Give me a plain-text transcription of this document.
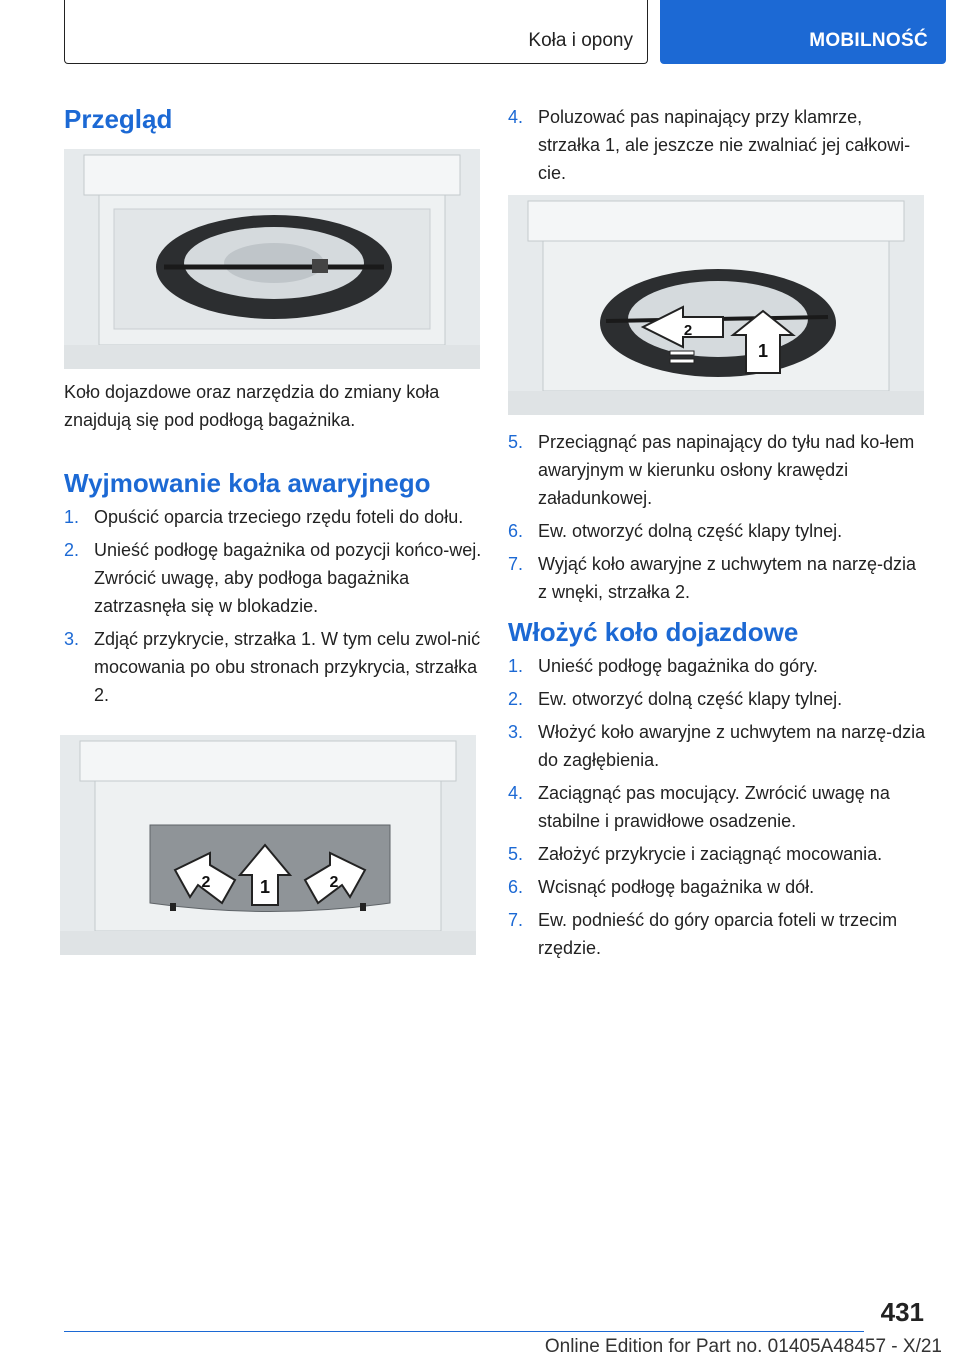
Koła i opony	MOBILNOŚĆ
Przegląd

Koło dojazdowe oraz narzędzia do zmiany koła znajdują się pod podłogą bagażnika.

Wyjmowanie koła awaryjnego
1. Opuścić oparcia trzeciego rzędu foteli do dołu.
2. Unieść podłogę bagażnika od pozycji końco-wej. Zwrócić uwagę, aby podłoga bagażnika zatrzasnęła się w blokadzie.
3. Zdjąć przykrycie, strzałka 1. W tym celu zwol-nić mocowania po obu stronach przykrycia, strzałka 2.
1
2	2
4. Poluzować pas napinający przy klamrze, strzałka 1, ale jeszcze nie zwalniać jej całkowi-cie.
2
1
5. Przeciągnąć pas napinający do tyłu nad ko-łem awaryjnym w kierunku osłony krawędzi załadunkowej.
6. Ew. otworzyć dolną część klapy tylnej.
7. Wyjąć koło awaryjne z uchwytem na narzę-dzia z wnęki, strzałka 2.
Włożyć koło dojazdowe
1. Unieść podłogę bagażnika do góry.
2. Ew. otworzyć dolną część klapy tylnej.
3. Włożyć koło awaryjne z uchwytem na narzę-dzia do zagłębienia.
4. Zaciągnąć pas mocujący. Zwrócić uwagę na stabilne i prawidłowe osadzenie.
5. Założyć przykrycie i zaciągnąć mocowania.
6. Wcisnąć podłogę bagażnika w dół.
7. Ew. podnieść do góry oparcia foteli w trzecim rzędzie.
431
Online Edition for Part no. 01405A48457 - X/21
